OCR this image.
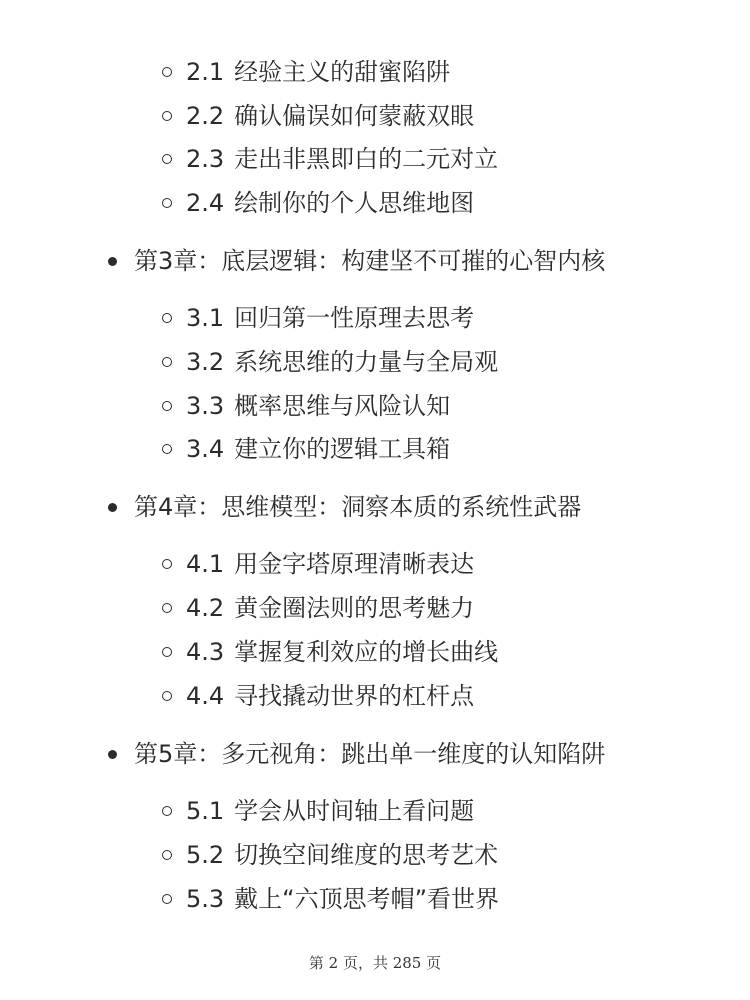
2.1 经验主义的甜蜜陷阱
2.2 确认偏误如何蒙蔽双眼
2.3 走出非黑即白的二元对立
2.4 绘制你的个人思维地图
第3章：底层逻辑：构建坚不可摧的心智内核
3.1 回归第一性原理去思考
3.2 系统思维的力量与全局观
3.3 概率思维与风险认知
3.4 建立你的逻辑工具箱
第4章：思维模型：洞察本质的系统性武器
4.1 用金字塔原理清晰表达
4.2 黄金圈法则的思考魅力
4.3 掌握复利效应的增长曲线
4.4 寻找撬动世界的杠杆点
第5章：多元视角：跳出单一维度的认知陷阱
5.1 学会从时间轴上看问题
5.2 切换空间维度的思考艺术
5.3 戴上“六顶思考帽”看世界
第 2 页，共 285 页
